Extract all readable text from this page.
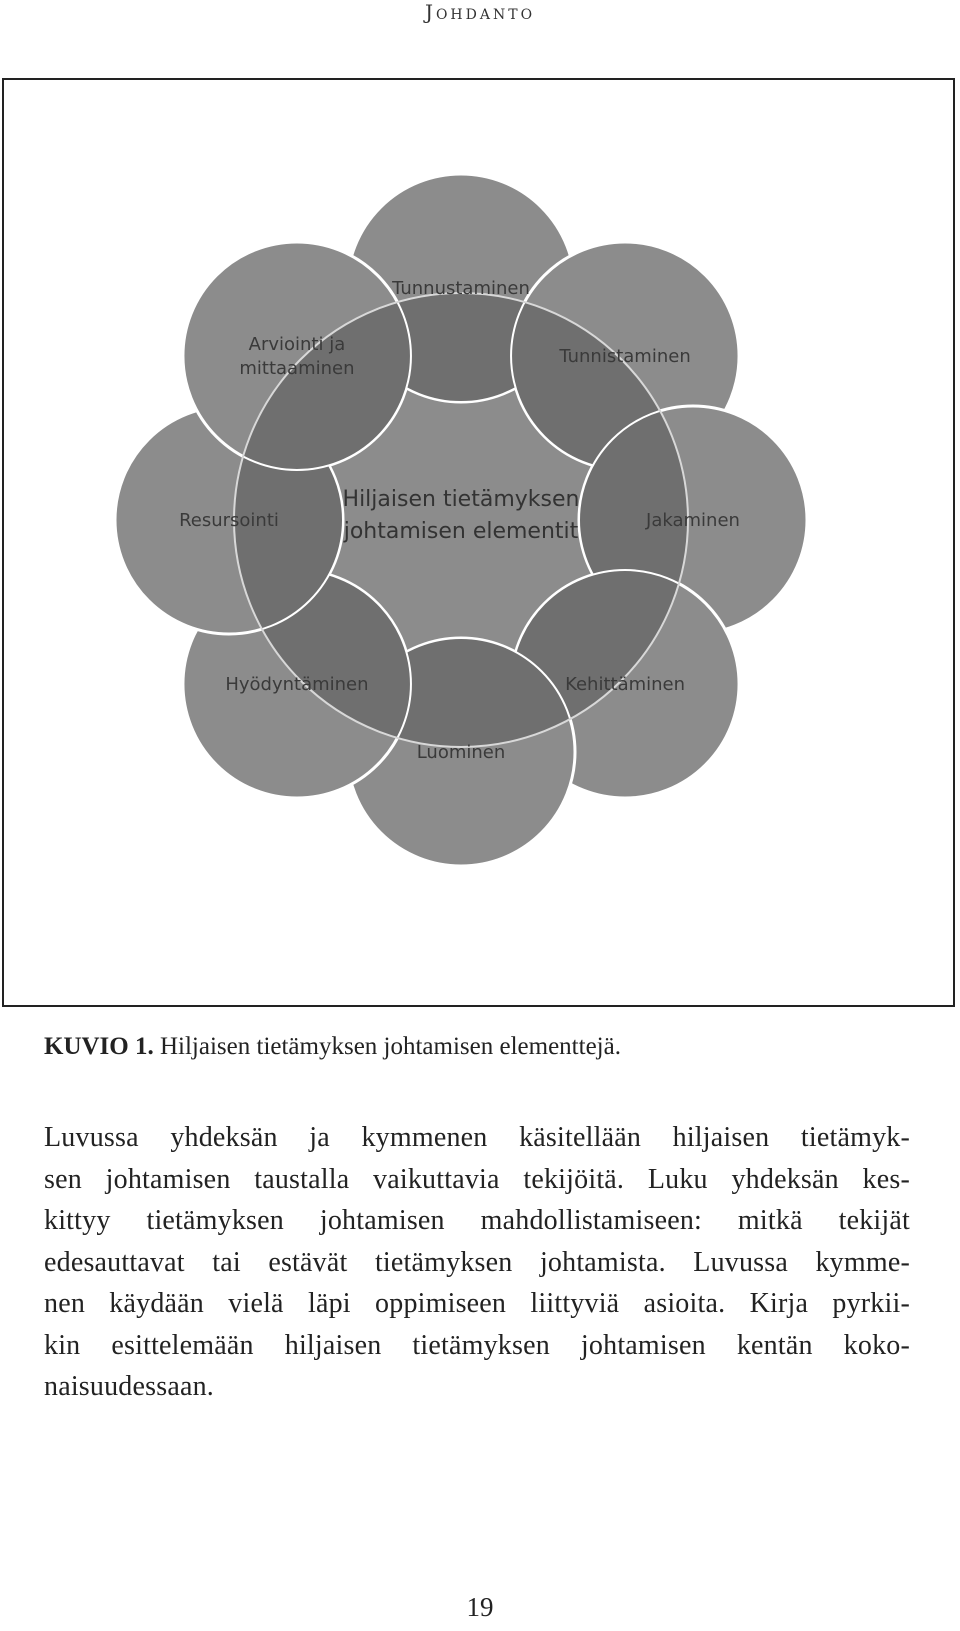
Johdanto
Tunnustaminen
Tunnistaminen
Jakaminen
Kehittäminen
Luominen
Hyödyntäminen
Resursointi
Arviointi ja
mittaaminen
Hiljaisen tietämyksen
johtamisen elementit
KUVIO 1. Hiljaisen tietämyksen johtamisen elementtejä.

Luvussa yhdeksän ja kymmenen käsitellään hiljaisen tietämyk-
sen johtamisen taustalla vaikuttavia tekijöitä. Luku yhdeksän kes-
kittyy tietämyksen johtamisen mahdollistamiseen: mitkä tekijät
edesauttavat tai estävät tietämyksen johtamista. Luvussa kymme-
nen käydään vielä läpi oppimiseen liittyviä asioita. Kirja pyrkii-
kin esittelemään hiljaisen tietämyksen johtamisen kentän koko-
naisuudessaan.

19
